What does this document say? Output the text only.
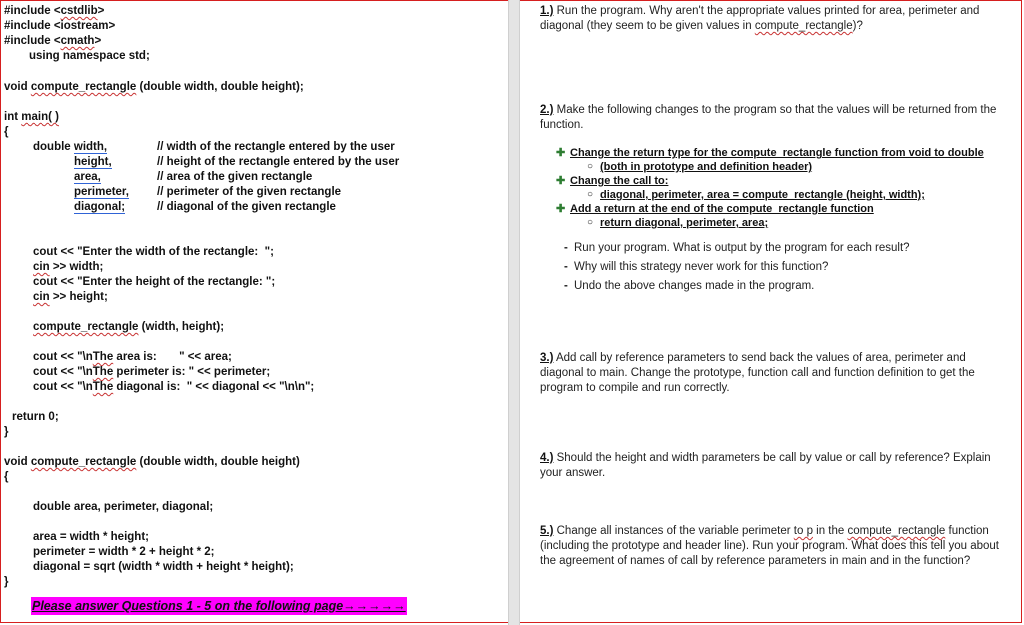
#include <cstdlib>
#include <iostream>
#include <cmath>
using namespace std;
void compute_rectangle (double width, double height);
int main( )
{
double width,
height,
area,
perimeter,
diagonal;
// width of the rectangle entered by the user
// height of the rectangle entered by the user
// area of the given rectangle
// perimeter of the given rectangle
// diagonal of the given rectangle
cout << "Enter the width of the rectangle:  ";
cin >> width;
cout << "Enter the height of the rectangle: ";
cin >> height;
compute_rectangle (width, height);
cout << "\nThe area is:       " << area;
cout << "\nThe perimeter is: " << perimeter;
cout << "\nThe diagonal is:  " << diagonal << "\n\n";
return 0;
}
void compute_rectangle (double width, double height)
{
double area, perimeter, diagonal;
area = width * height;
perimeter = width * 2 + height * 2;
diagonal = sqrt (width * width + height * height);
}
Please answer Questions 1 - 5 on the following page→→→→→
1.) Run the program. Why aren't the appropriate values printed for area, perimeter and diagonal (they seem to be given values in compute_rectangle)?
2.) Make the following changes to the program so that the values will be returned from the function.
✚ Change the return type for the compute_rectangle function from void to double
○ (both in prototype and definition header)
✚ Change the call to:
○ diagonal, perimeter, area = compute_rectangle (height, width);
✚ Add a return at the end of the compute_rectangle function
○ return diagonal, perimeter, area;
- Run your program. What is output by the program for each result?
- Why will this strategy never work for this function?
- Undo the above changes made in the program.
3.) Add call by reference parameters to send back the values of area, perimeter and diagonal to main. Change the prototype, function call and function definition to get the program to compile and run correctly.
4.) Should the height and width parameters be call by value or call by reference? Explain your answer.
5.) Change all instances of the variable perimeter to p in the compute_rectangle function (including the prototype and header line). Run your program. What does this tell you about the agreement of names of call by reference parameters in main and in the function?
